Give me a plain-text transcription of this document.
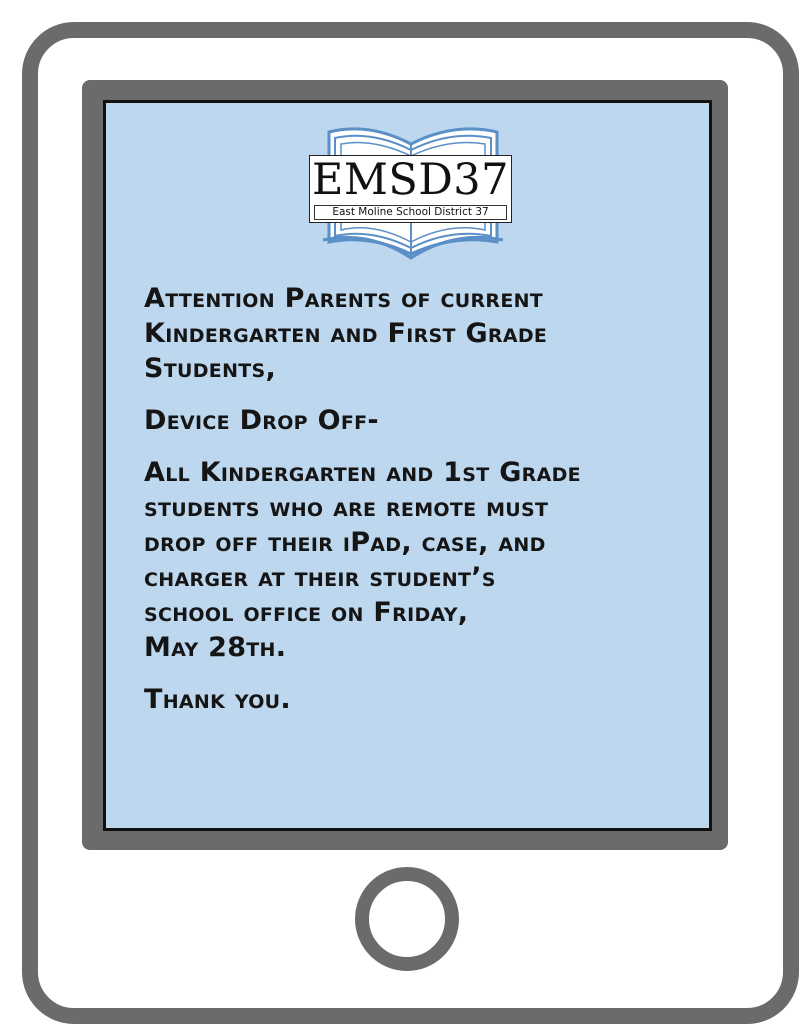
EMSD37
East Moline School District 37

Attention Parents of current
Kindergarten and First Grade
Students,

Device Drop Off-

All Kindergarten and 1st Grade
students who are remote must
drop off their iPad, case, and
charger at their student’s
school office on Friday,
May 28th.

Thank you.
